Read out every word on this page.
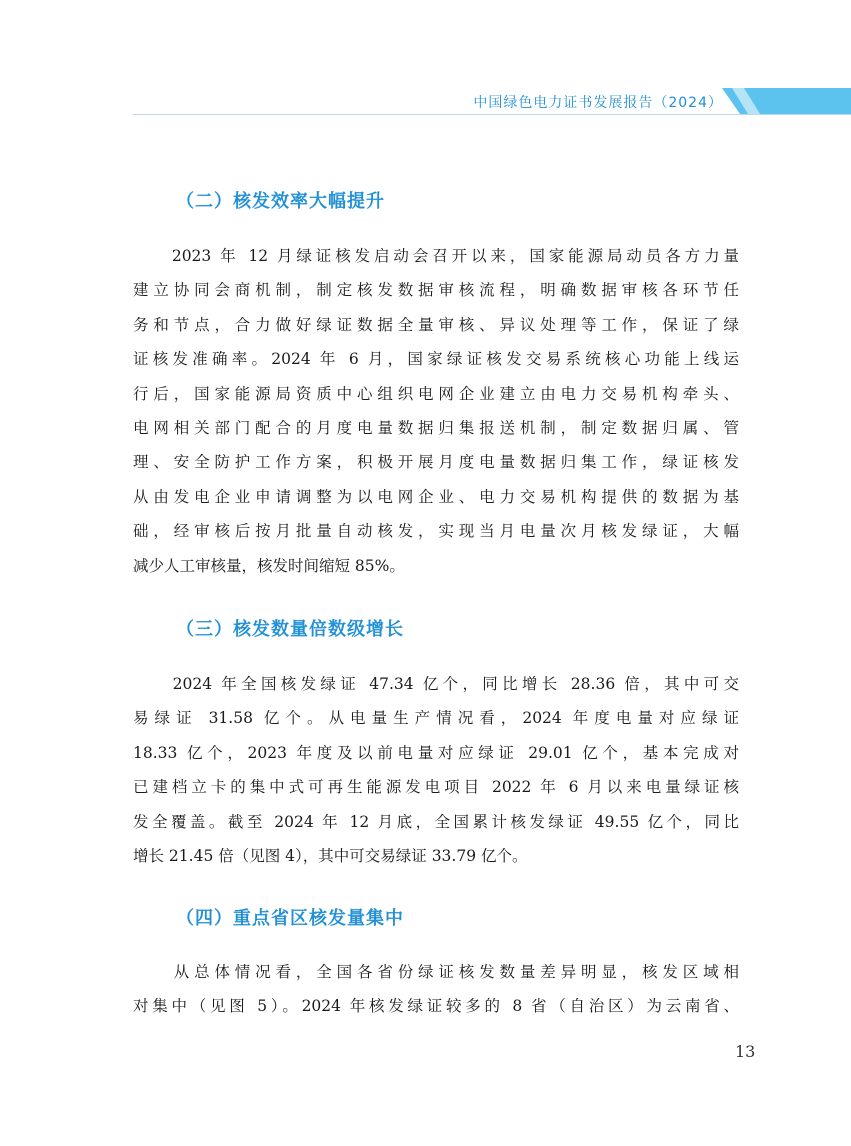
中国绿色电力证书发展报告（2024）
（二）核发效率大幅提升
　　2023 年 12 月绿证核发启动会召开以来，国家能源局动员各方力量
建立协同会商机制，制定核发数据审核流程，明确数据审核各环节任
务和节点，合力做好绿证数据全量审核、异议处理等工作，保证了绿
证核发准确率。2024 年 6 月，国家绿证核发交易系统核心功能上线运
行后，国家能源局资质中心组织电网企业建立由电力交易机构牵头、
电网相关部门配合的月度电量数据归集报送机制，制定数据归属、管
理、安全防护工作方案，积极开展月度电量数据归集工作，绿证核发
从由发电企业申请调整为以电网企业、电力交易机构提供的数据为基
础，经审核后按月批量自动核发，实现当月电量次月核发绿证，大幅
减少人工审核量，核发时间缩短 85%。
（三）核发数量倍数级增长
　　2024 年全国核发绿证 47.34 亿个，同比增长 28.36 倍，其中可交
易绿证 31.58 亿个。从电量生产情况看，2024 年度电量对应绿证
18.33 亿个，2023 年度及以前电量对应绿证 29.01 亿个，基本完成对
已建档立卡的集中式可再生能源发电项目 2022 年 6 月以来电量绿证核
发全覆盖。截至 2024 年 12 月底，全国累计核发绿证 49.55 亿个，同比
增长 21.45 倍（见图 4），其中可交易绿证 33.79 亿个。
（四）重点省区核发量集中
　　从总体情况看，全国各省份绿证核发数量差异明显，核发区域相
对集中（见图 5）。2024 年核发绿证较多的 8 省（自治区）为云南省、
13
